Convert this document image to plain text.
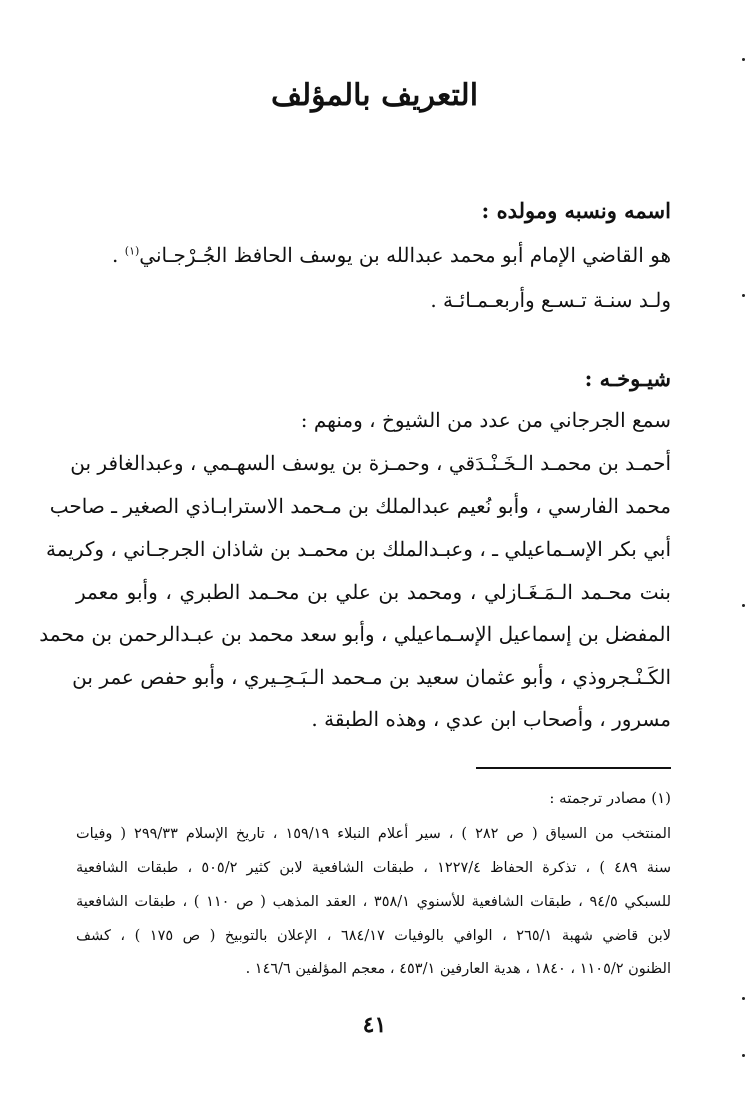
التعريف بالمؤلف
اسمه ونسبه ومولده :
هو القاضي الإمام أبو محمد عبدالله بن يوسف الحافظ الجُـرْجـاني$^{(١)}$ .
ولـد سنـة تـسـع وأربعـمـائـة .
شيـوخـه :
سمع الجرجاني من عدد من الشيوخ ، ومنهم :
أحمـد بن محمـد الـخَـنْـدَقي ، وحمـزة بن يوسف السهـمي ، وعبدالغافر بن
محمد الفارسي ، وأبو نُعيم عبدالملك بن مـحمد الاسترابـاذي الصغير ـ صاحب
أبي بكر الإسـماعيلي ـ ، وعبـدالملك بن محمـد بن شاذان الجرجـاني ، وكريمة
بنت محـمد الـمَـغَـازلي ، ومحمد بن علي بن محـمد الطبري ، وأبو معمر
المفضل بن إسماعيل الإسـماعيلي ، وأبو سعد محمد بن عبـدالرحمن بن محمد
الكَـنْـجروذي ، وأبو عثمان سعيد بن مـحمد الـبَـحِـيري ، وأبو حفص عمر بن
مسرور ، وأصحاب ابن عدي ، وهذه الطبقة .
(١) مصادر ترجمته :
المنتخب من السياق ( ص ٢٨٢ ) ، سير أعلام النبلاء ١٥٩/١٩ ، تاريخ الإسلام ٢٩٩/٣٣ ( وفيات
سنة ٤٨٩ ) ، تذكرة الحفاظ ١٢٢٧/٤ ، طبقات الشافعية لابن كثير ٥٠٥/٢ ، طبقات الشافعية
للسبكي ٩٤/٥ ، طبقات الشافعية للأسنوي ٣٥٨/١ ، العقد المذهب ( ص ١١٠ ) ، طبقات الشافعية
لابن قاضي شهبة ٢٦٥/١ ، الوافي بالوفيات ٦٨٤/١٧ ، الإعلان بالتوبيخ ( ص ١٧٥ ) ، كشف
الظنون ١١٠٥/٢ ، ١٨٤٠ ، هدية العارفين ٤٥٣/١ ، معجم المؤلفين ١٤٦/٦ .
٤١
